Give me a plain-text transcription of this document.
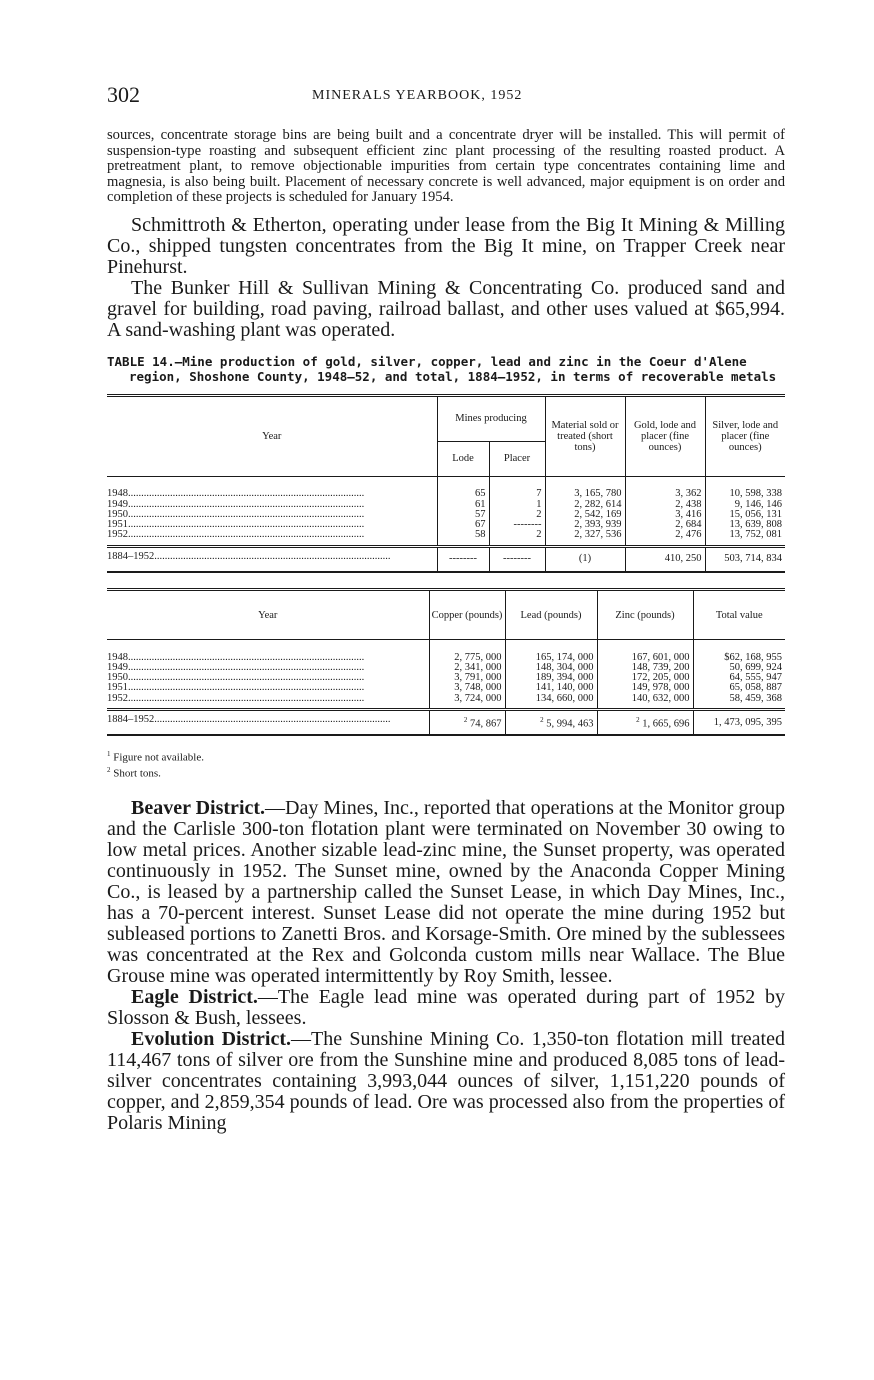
302	MINERALS YEARBOOK, 1952

sources, concentrate storage bins are being built and a concentrate dryer will be installed. This will permit of suspension-type roasting and subsequent efficient zinc plant processing of the resulting roasted product. A pretreatment plant, to remove objectionable impurities from certain type concentrates containing lime and magnesia, is also being built. Placement of necessary concrete is well advanced, major equipment is on order and completion of these projects is scheduled for January 1954.

Schmittroth & Etherton, operating under lease from the Big It Mining & Milling Co., shipped tungsten concentrates from the Big It mine, on Trapper Creek near Pinehurst.

The Bunker Hill & Sullivan Mining & Concentrating Co. produced sand and gravel for building, road paving, railroad ballast, and other uses valued at $65,994. A sand-washing plant was operated.

TABLE 14.—Mine production of gold, silver, copper, lead and zinc in the Coeur d'Alene region, Shoshone County, 1948–52, and total, 1884–1952, in terms of recoverable metals

Year	Mines producing		Material sold or treated (short tons)	Gold, lode and placer (fine ounces)	Silver, lode and placer (fine ounces)
	Lode	Placer			

1948..........................................................................................	65	7	3, 165, 780	3, 362	10, 598, 338

1949..........................................................................................	61	1	2, 282, 614	2, 438	9, 146, 146

1950..........................................................................................	57	2	2, 542, 169	3, 416	15, 056, 131

1951..........................................................................................	67	--------	2, 393, 939	2, 684	13, 639, 808

1952..........................................................................................	58	2	2, 327, 536	2, 476	13, 752, 081

1884–1952..........................................................................................	--------	--------	(1)	410, 250	503, 714, 834
Year	Copper (pounds)	Lead (pounds)	Zinc (pounds)	Total value

1948..........................................................................................	2, 775, 000	165, 174, 000	167, 601, 000	$62, 168, 955

1949..........................................................................................	2, 341, 000	148, 304, 000	148, 739, 200	50, 699, 924

1950..........................................................................................	3, 791, 000	189, 394, 000	172, 205, 000	64, 555, 947

1951..........................................................................................	3, 748, 000	141, 140, 000	149, 978, 000	65, 058, 887

1952..........................................................................................	3, 724, 000	134, 660, 000	140, 632, 000	58, 459, 368

1884–1952..........................................................................................	$^2$ 74, 867	$^2$ 5, 994, 463	$^2$ 1, 665, 696	1, 473, 095, 395
$^1$ Figure not available.
$^2$ Short tons.

Beaver District.—Day Mines, Inc., reported that operations at the Monitor group and the Carlisle 300-ton flotation plant were terminated on November 30 owing to low metal prices. Another sizable lead-zinc mine, the Sunset property, was operated continuously in 1952. The Sunset mine, owned by the Anaconda Copper Mining Co., is leased by a partnership called the Sunset Lease, in which Day Mines, Inc., has a 70-percent interest. Sunset Lease did not operate the mine during 1952 but subleased portions to Zanetti Bros. and Korsage-Smith. Ore mined by the sublessees was concentrated at the Rex and Golconda custom mills near Wallace. The Blue Grouse mine was operated intermittently by Roy Smith, lessee.

Eagle District.—The Eagle lead mine was operated during part of 1952 by Slosson & Bush, lessees.

Evolution District.—The Sunshine Mining Co. 1,350-ton flotation mill treated 114,467 tons of silver ore from the Sunshine mine and produced 8,085 tons of lead-silver concentrates containing 3,993,044 ounces of silver, 1,151,220 pounds of copper, and 2,859,354 pounds of lead. Ore was processed also from the properties of Polaris Mining
